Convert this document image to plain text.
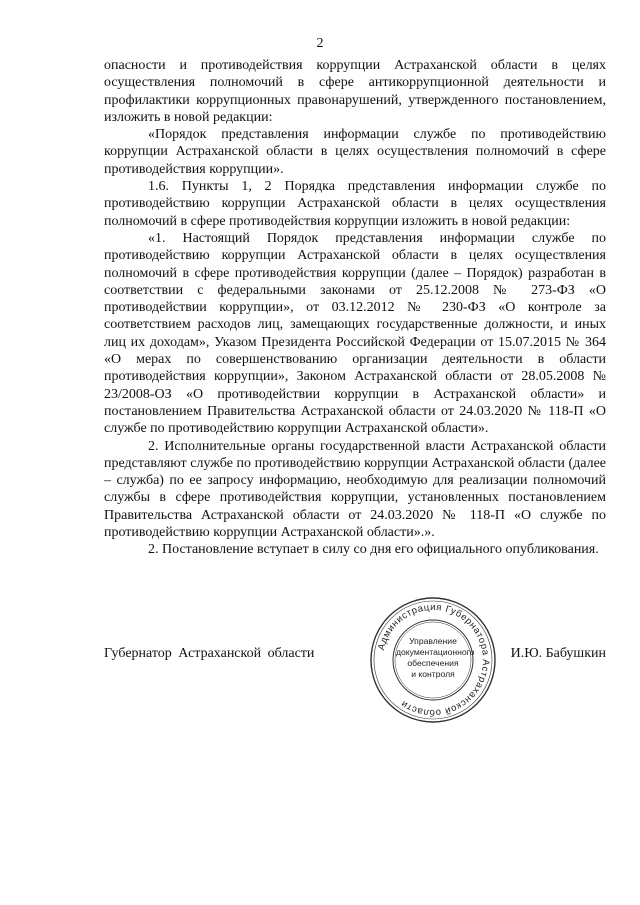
2

опасности и противодействия коррупции Астраханской области в целях осуществления полномочий в сфере антикоррупционной деятельности и профилактики коррупционных правонарушений, утвержденного постановлением, изложить в новой редакции:

«Порядок представления информации службе по противодействию коррупции Астраханской области в целях осуществления полномочий в сфере противодействия коррупции».

1.6. Пункты 1, 2 Порядка представления информации службе по противодействию коррупции Астраханской области в целях осуществления полномочий в сфере противодействия коррупции изложить в новой редакции:

«1. Настоящий Порядок представления информации службе по противодействию коррупции Астраханской области в целях осуществления полномочий в сфере противодействия коррупции (далее – Порядок) разработан в соответствии с федеральными законами от 25.12.2008 № 273-ФЗ «О противодействии коррупции», от 03.12.2012 № 230-ФЗ «О контроле за соответствием расходов лиц, замещающих государственные должности, и иных лиц их доходам», Указом Президента Российской Федерации от 15.07.2015 № 364 «О мерах по совершенствованию организации деятельности в области противодействия коррупции», Законом Астраханской области от 28.05.2008 № 23/2008-ОЗ «О противодействии коррупции в Астраханской области» и постановлением Правительства Астраханской области от 24.03.2020 № 118-П «О службе по противодействию коррупции Астраханской области».

2. Исполнительные органы государственной власти Астраханской области представляют службе по противодействию коррупции Астраханской области (далее – служба) по ее запросу информацию, необходимую для реализации полномочий службы в сфере противодействия коррупции, установленных постановлением Правительства Астраханской области от 24.03.2020 № 118-П «О службе по противодействию коррупции Астраханской области».».

2. Постановление вступает в силу со дня его официального опубликования.

Губернатор Астраханской области	И.Ю. Бабушкин
Администрация Губернатора Астраханской области
Управление
документационного
обеспечения
и контроля
